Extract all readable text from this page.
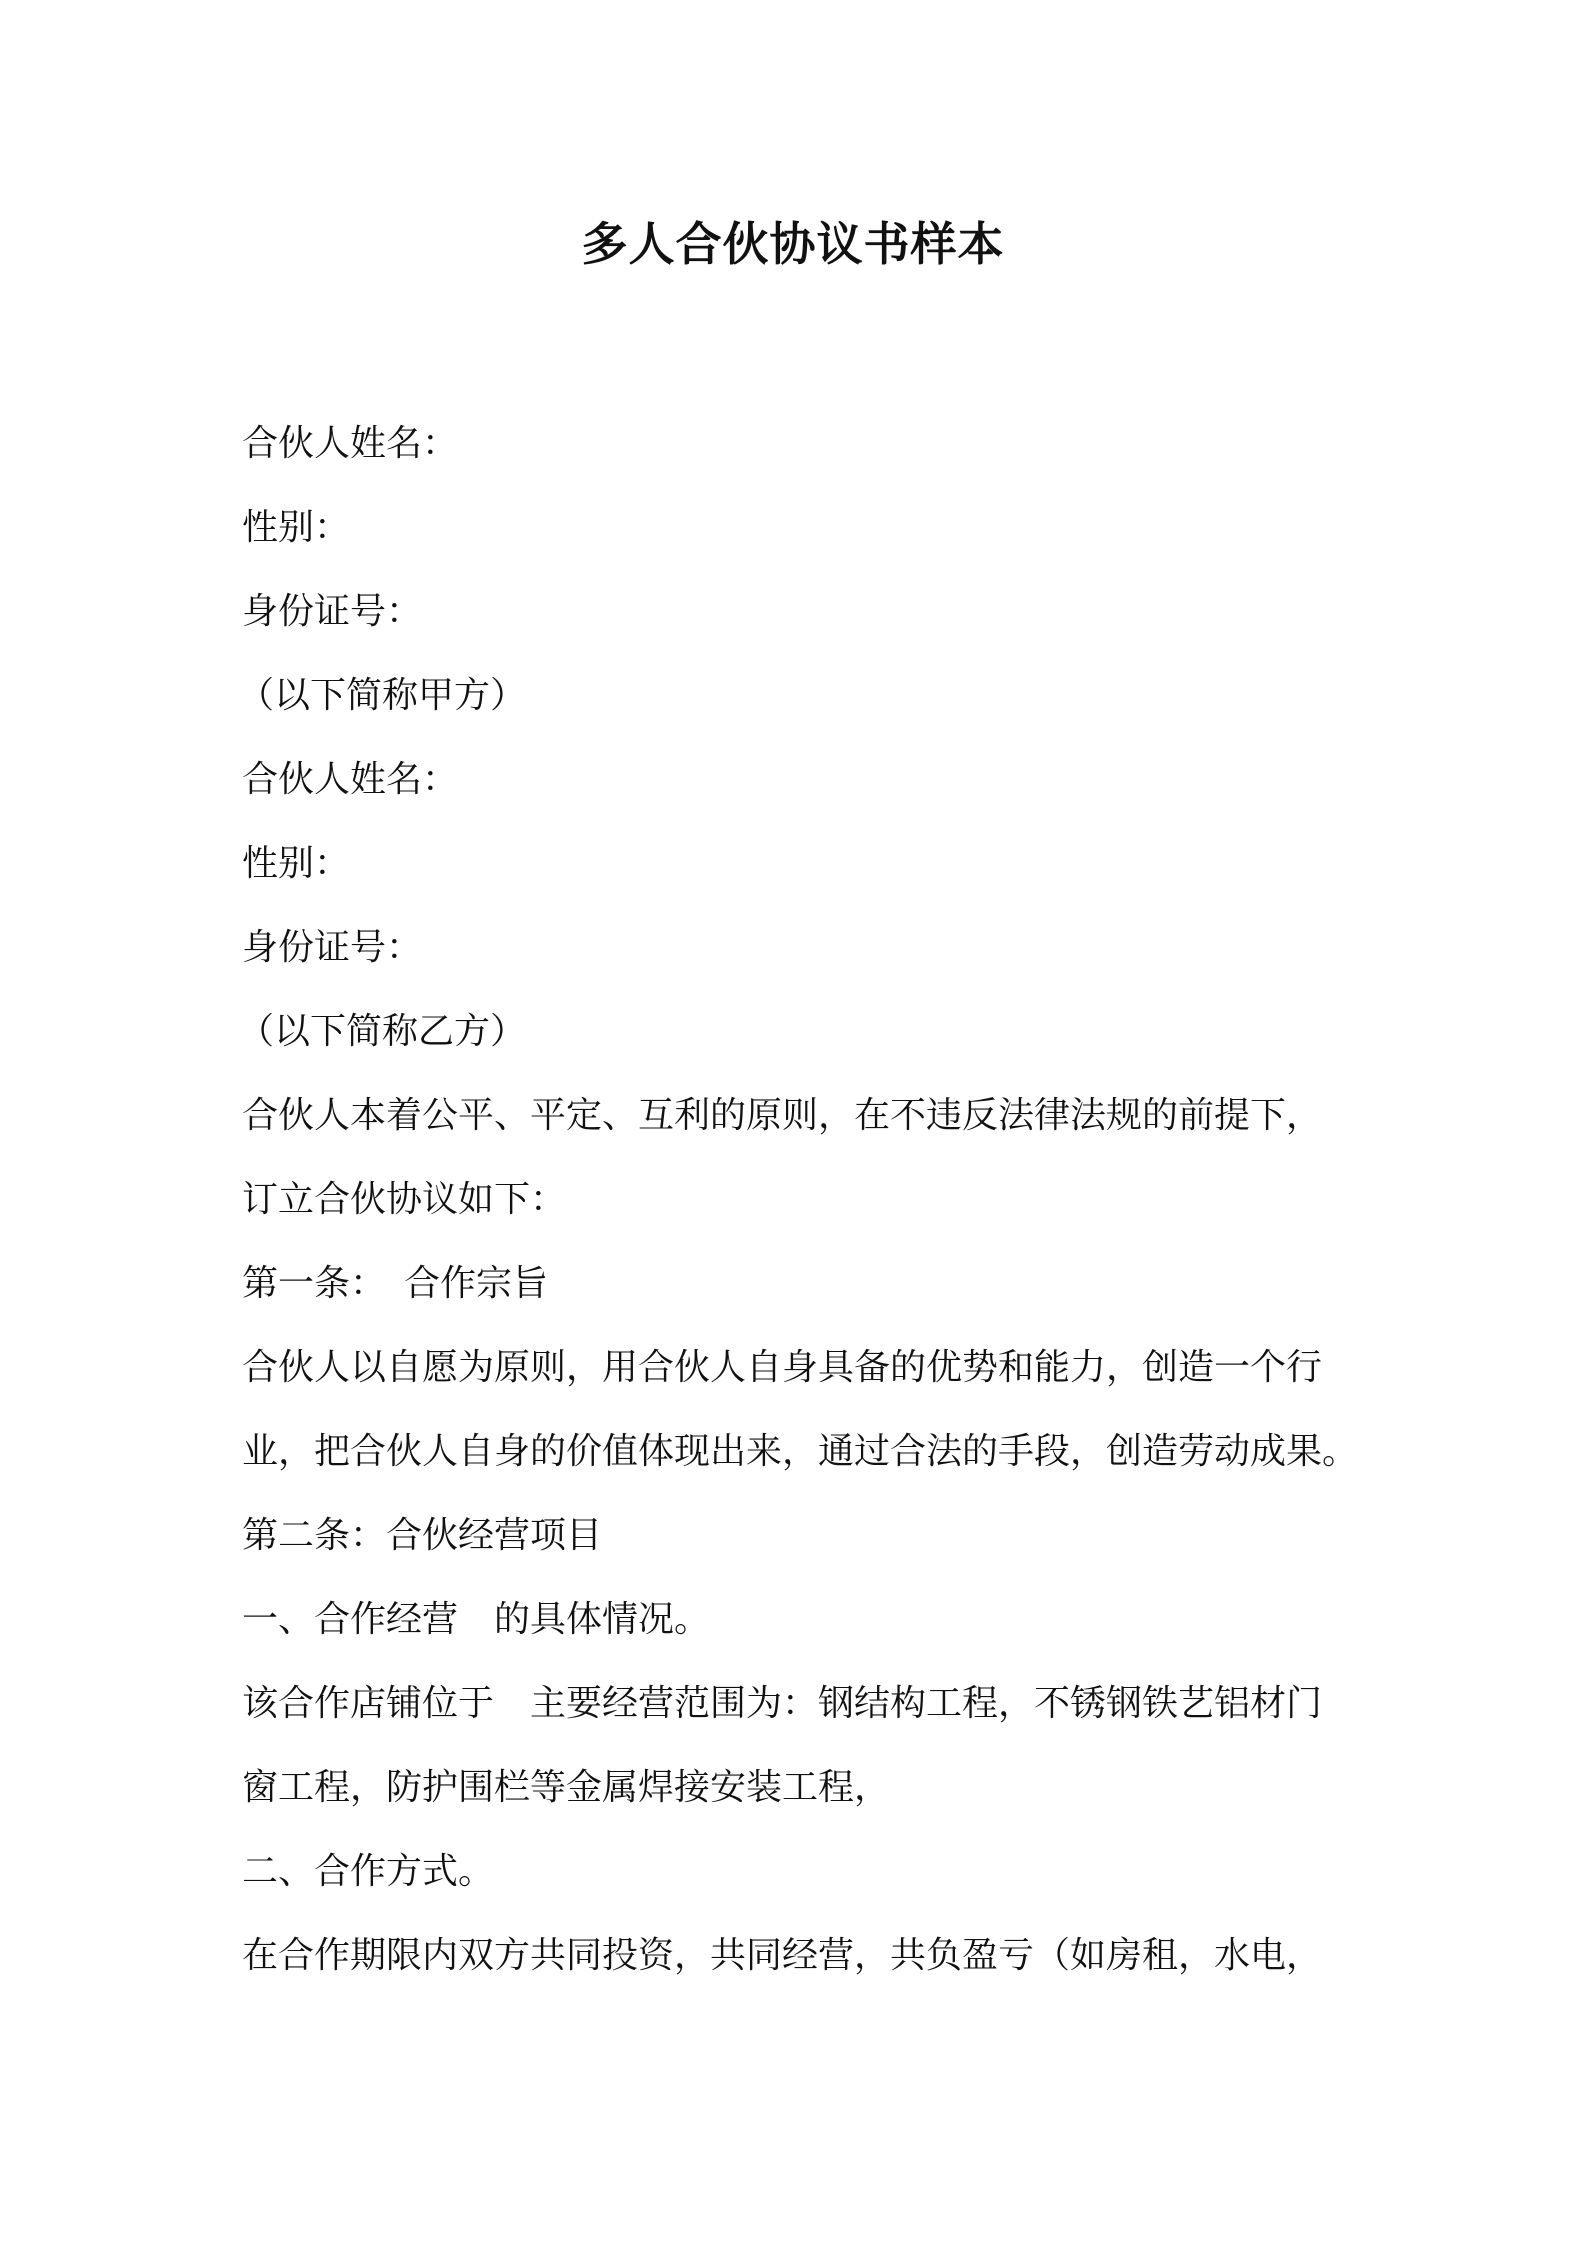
多人合伙协议书样本

合伙人姓名：

性别：

身份证号：

（以下简称甲方）

合伙人姓名：

性别：

身份证号：

（以下简称乙方）

合伙人本着公平、平定、互利的原则，在不违反法律法规的前提下，

订立合伙协议如下：

第一条：　合作宗旨

合伙人以自愿为原则，用合伙人自身具备的优势和能力，创造一个行

业，把合伙人自身的价值体现出来，通过合法的手段，创造劳动成果。

第二条：合伙经营项目

一、合作经营　的具体情况。

该合作店铺位于　主要经营范围为：钢结构工程，不锈钢铁艺铝材门

窗工程，防护围栏等金属焊接安装工程，

二、合作方式。

在合作期限内双方共同投资，共同经营，共负盈亏（如房租，水电，
